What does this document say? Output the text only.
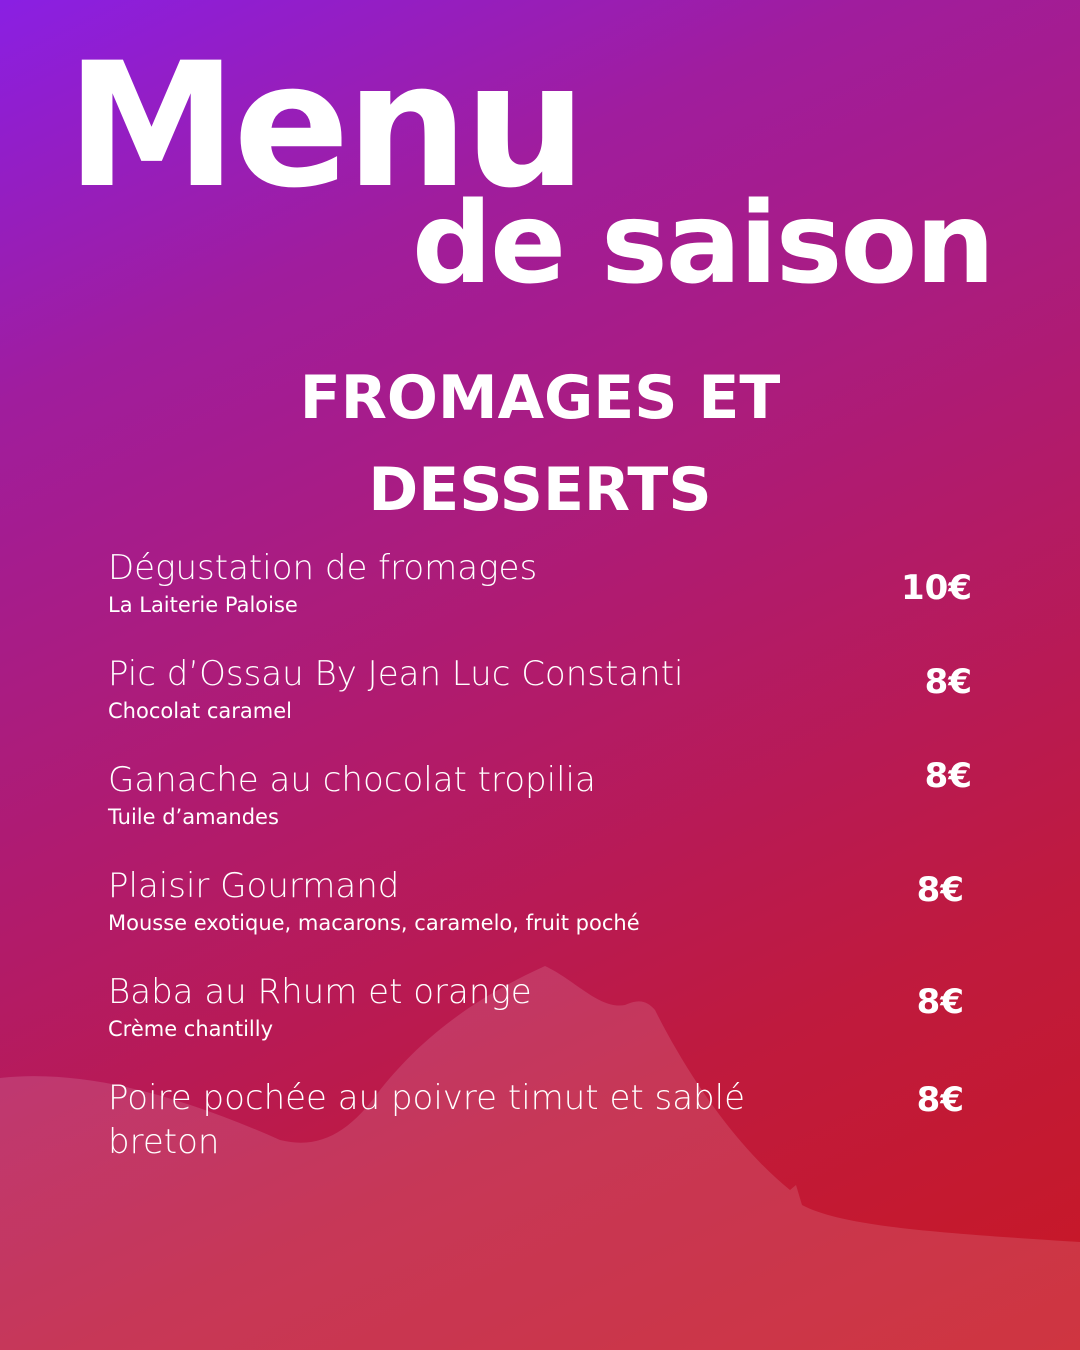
Menu
de saison
FROMAGES ET DESSERTS
Dégustation de fromages
La Laiterie Paloise	10€
Pic d’Ossau By Jean Luc Constanti
Chocolat caramel
8€
Ganache au chocolat tropilia
Tuile d’amandes
8€
Plaisir Gourmand
Mousse exotique, macarons, caramelo, fruit poché
8€
Baba au Rhum et orange
Crème chantilly
8€
Poire pochée au poivre timut et sablé breton
8€
